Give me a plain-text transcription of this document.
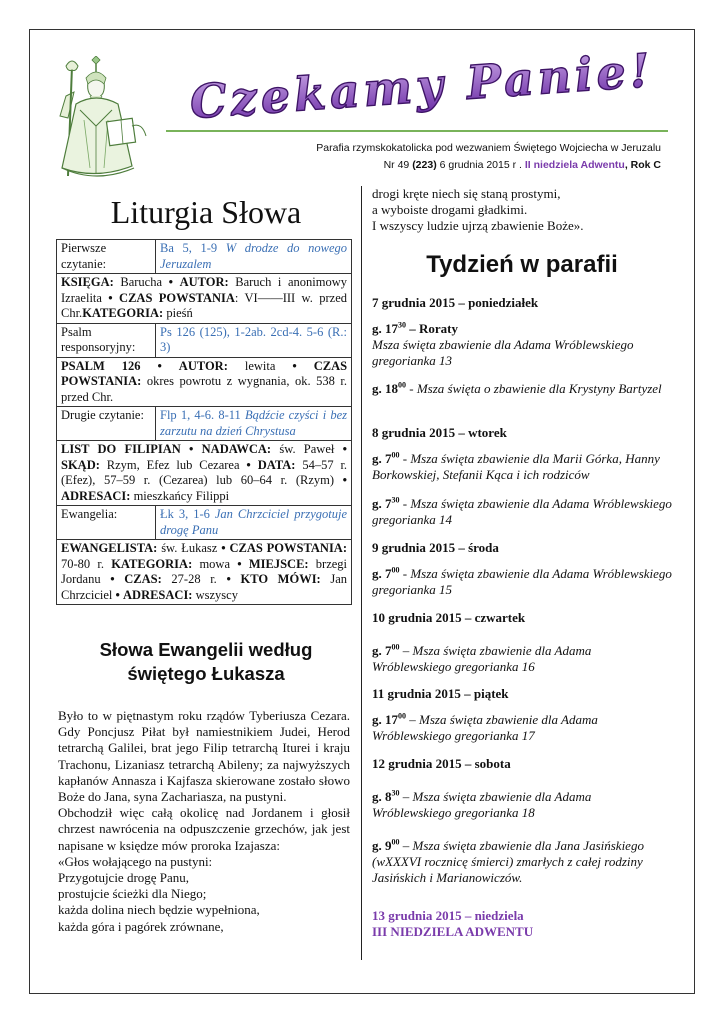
Czekamy Panie!
Parafia rzymskokatolicka pod wezwaniem Świętego Wojciecha w Jeruzalu
Nr 49 (223) 6 grudnia 2015 r . II niedziela Adwentu, Rok C
Liturgia Słowa
Pierwsze czytanie:	Ba 5, 1-9 W drodze do nowego Jeruzalem
KSIĘGA: Barucha • AUTOR: Baruch i anonimowy Izraelita • CZAS POWSTANIA: VI——III w. przed Chr.KATEGORIA: pieśń	
Psalm responsoryjny:	Ps 126 (125), 1-2ab. 2cd-4. 5-6 (R.: 3)
PSALM 126 • AUTOR: lewita • CZAS POWSTANIA: okres powrotu z wygnania, ok. 538 r. przed Chr.	
Drugie czytanie:	Flp 1, 4-6. 8-11 Bądźcie czyści i bez zarzutu na dzień Chrystusa
LIST DO FILIPIAN • NADAWCA: św. Paweł • SKĄD: Rzym, Efez lub Cezarea • DATA: 54–57 r. (Efez), 57–59 r. (Cezarea) lub 60–64 r. (Rzym) • ADRESACI: mieszkańcy Filippi	
Ewangelia:	Łk 3, 1-6 Jan Chrzciciel przygotuje drogę Panu
EWANGELISTA: św. Łukasz • CZAS POWSTANIA: 70-80 r. KATEGORIA: mowa • MIEJSCE: brzegi Jordanu • CZAS: 27-28 r. • KTO MÓWI: Jan Chrzciciel • ADRESACI: wszyscy	
Słowa Ewangelii według świętego Łukasza

Było to w piętnastym roku rządów Tyberiusza Cezara. Gdy Poncjusz Piłat był namiestnikiem Judei, Herod tetrarchą Galilei, brat jego Filip tetrarchą Iturei i kraju Trachonu, Lizaniasz tetrarchą Abileny; za najwyższych kapłanów Annasza i Kajfasza skierowane zostało słowo Boże do Jana, syna Zachariasza, na pustyni.

Obchodził więc całą okolicę nad Jordanem i głosił chrzest nawrócenia na odpuszczenie grzechów, jak jest napisane w księdze mów proroka Izajasza:

«Głos wołającego na pustyni:

Przygotujcie drogę Panu,

prostujcie ścieżki dla Niego;

każda dolina niech będzie wypełniona,

każda góra i pagórek zrównane,

drogi kręte niech się staną prostymi,

a wyboiste drogami gładkimi.

I wszyscy ludzie ujrzą zbawienie Boże».

Tydzień w parafii
7 grudnia 2015 – poniedziałek
g. $17^{30}$ – Roraty
Msza święta zbawienie dla Adama Wróblewskiego gregorianka 13
g. $18^{00}$ - Msza święta o zbawienie dla Krystyny Bartyzel
8 grudnia 2015 – wtorek
g. $7^{00}$ - Msza święta zbawienie dla Marii Górka, Hanny Borkowskiej, Stefanii Kąca i ich rodziców
g. $7^{30}$ - Msza święta zbawienie dla Adama Wróblewskiego gregorianka 14
9 grudnia 2015 – środa
g. $7^{00}$ - Msza święta zbawienie dla Adama Wróblewskiego gregorianka 15
10 grudnia 2015 – czwartek
g. $7^{00}$ – Msza święta zbawienie dla Adama Wróblewskiego gregorianka 16
11 grudnia 2015 – piątek
g. $17^{00}$ – Msza święta zbawienie dla Adama Wróblewskiego gregorianka 17
12 grudnia 2015 – sobota
g. $8^{30}$ – Msza święta zbawienie dla Adama Wróblewskiego gregorianka 18
g. $9^{00}$ – Msza święta zbawienie dla Jana Jasińskiego (wXXXVI rocznicę śmierci) zmarłych z całej rodziny Jasińskich i Marianowiczów.
13 grudnia 2015 – niedziela
III NIEDZIELA ADWENTU
